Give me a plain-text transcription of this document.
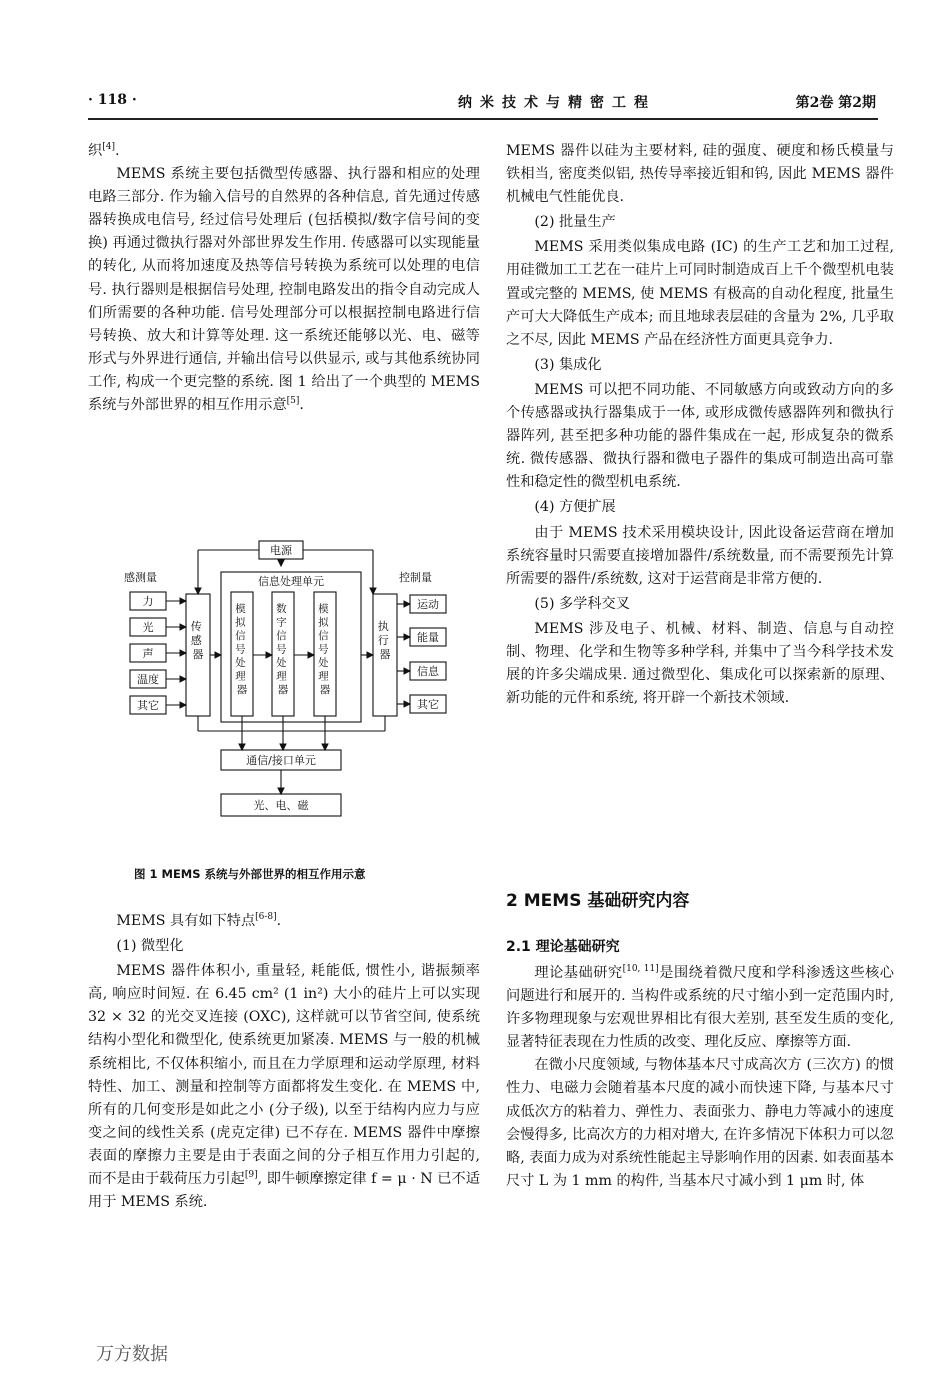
· 118 ·	纳米技术与精密工程	第2卷 第2期

织[4].

MEMS 系统主要包括微型传感器、执行器和相应的处理电路三部分. 作为输入信号的自然界的各种信息, 首先通过传感器转换成电信号, 经过信号处理后 (包括模拟/数字信号间的变换) 再通过微执行器对外部世界发生作用. 传感器可以实现能量的转化, 从而将加速度及热等信号转换为系统可以处理的电信号. 执行器则是根据信号处理, 控制电路发出的指令自动完成人们所需要的各种功能. 信号处理部分可以根据控制电路进行信号转换、放大和计算等处理. 这一系统还能够以光、电、磁等形式与外界进行通信, 并输出信号以供显示, 或与其他系统协同工作, 构成一个更完整的系统. 图 1 给出了一个典型的 MEMS 系统与外部世界的相互作用示意[5].

电源
感测量	控制量
力
光
声
温度
其它
传 感 器
信息处理单元
模 拟 信 号 处 理 器
数 字 信 号 处 理 器
模 拟 信 号 处 理 器
执 行 器
运动
能量
信息
其它
通信/接口单元
光、电、磁
图 1 MEMS 系统与外部世界的相互作用示意

MEMS 具有如下特点[6-8].

(1) 微型化

MEMS 器件体积小, 重量轻, 耗能低, 惯性小, 谐振频率高, 响应时间短. 在 6.45 cm² (1 in²) 大小的硅片上可以实现 32 × 32 的光交叉连接 (OXC), 这样就可以节省空间, 使系统结构小型化和微型化, 使系统更加紧凑. MEMS 与一般的机械系统相比, 不仅体积缩小, 而且在力学原理和运动学原理, 材料特性、加工、测量和控制等方面都将发生变化. 在 MEMS 中, 所有的几何变形是如此之小 (分子级), 以至于结构内应力与应变之间的线性关系 (虎克定律) 已不存在. MEMS 器件中摩擦表面的摩擦力主要是由于表面之间的分子相互作用力引起的, 而不是由于载荷压力引起[9], 即牛顿摩擦定律 f = μ · N 已不适用于 MEMS 系统.

MEMS 器件以硅为主要材料, 硅的强度、硬度和杨氏模量与铁相当, 密度类似铝, 热传导率接近钼和钨, 因此 MEMS 器件机械电气性能优良.

(2) 批量生产

MEMS 采用类似集成电路 (IC) 的生产工艺和加工过程, 用硅微加工工艺在一硅片上可同时制造成百上千个微型机电装置或完整的 MEMS, 使 MEMS 有极高的自动化程度, 批量生产可大大降低生产成本; 而且地球表层硅的含量为 2%, 几乎取之不尽, 因此 MEMS 产品在经济性方面更具竞争力.

(3) 集成化

MEMS 可以把不同功能、不同敏感方向或致动方向的多个传感器或执行器集成于一体, 或形成微传感器阵列和微执行器阵列, 甚至把多种功能的器件集成在一起, 形成复杂的微系统. 微传感器、微执行器和微电子器件的集成可制造出高可靠性和稳定性的微型机电系统.

(4) 方便扩展

由于 MEMS 技术采用模块设计, 因此设备运营商在增加系统容量时只需要直接增加器件/系统数量, 而不需要预先计算所需要的器件/系统数, 这对于运营商是非常方便的.

(5) 多学科交叉

MEMS 涉及电子、机械、材料、制造、信息与自动控制、物理、化学和生物等多种学科, 并集中了当今科学技术发展的许多尖端成果. 通过微型化、集成化可以探索新的原理、新功能的元件和系统, 将开辟一个新技术领域.

2 MEMS 基础研究内容
2.1 理论基础研究

理论基础研究[10, 11]是围绕着微尺度和学科渗透这些核心问题进行和展开的. 当构件或系统的尺寸缩小到一定范围内时, 许多物理现象与宏观世界相比有很大差别, 甚至发生质的变化, 显著特征表现在力性质的改变、理化反应、摩擦等方面.

在微小尺度领域, 与物体基本尺寸成高次方 (三次方) 的惯性力、电磁力会随着基本尺度的减小而快速下降, 与基本尺寸成低次方的粘着力、弹性力、表面张力、静电力等减小的速度会慢得多, 比高次方的力相对增大, 在许多情况下体积力可以忽略, 表面力成为对系统性能起主导影响作用的因素. 如表面基本尺寸 L 为 1 mm 的构件, 当基本尺寸减小到 1 μm 时, 体

万方数据
